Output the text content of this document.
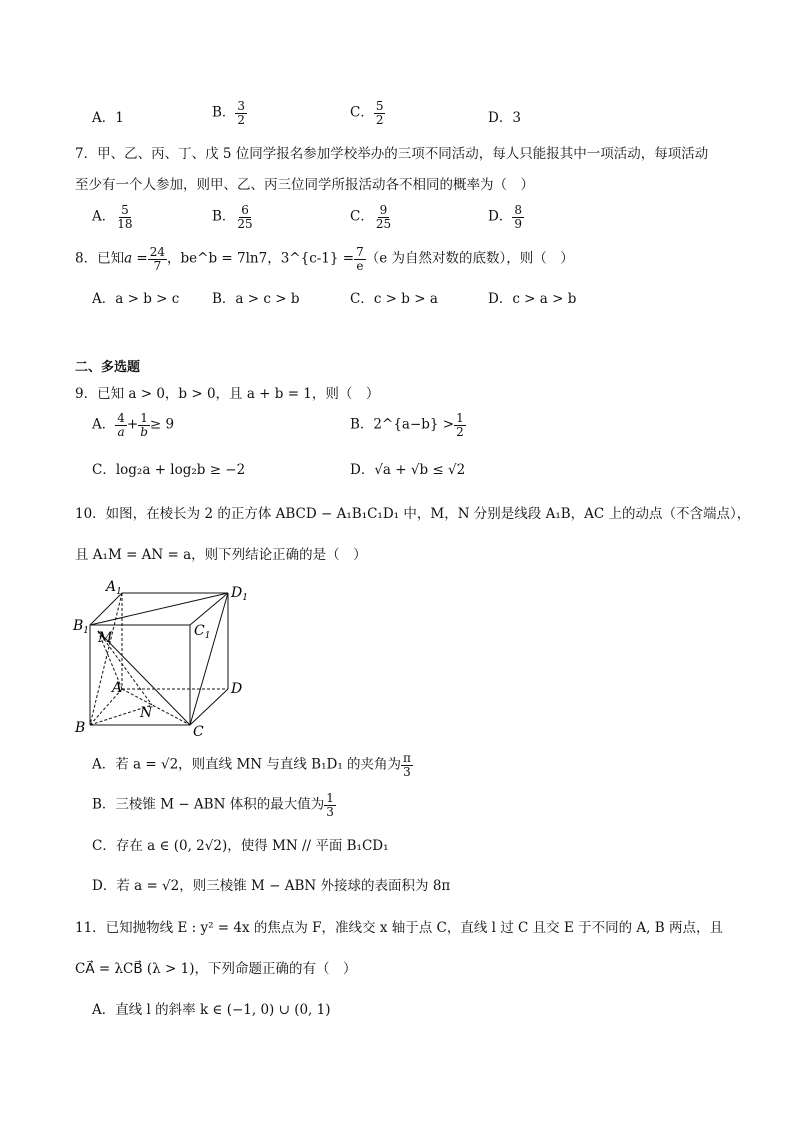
A．1	B． $\frac{3}{2}$	C． $\frac{5}{2}$	D．3
7．甲、乙、丙、丁、戊 5 位同学报名参加学校举办的三项不同活动，每人只能报其中一项活动，每项活动
至少有一个人参加，则甲、乙、丙三位同学所报活动各不相同的概率为（　）
A． $\frac{5}{18}$	B． $\frac{6}{25}$	C． $\frac{9}{25}$	D． $\frac{8}{9}$
8．已知$a = \frac{24}{7}$ ，be^b = 7ln7，3^{c-1} = $\frac{7}{e} (e$ 为自然对数的底数），则（　）
A．a > b > c B．a > c > b	C．c > b > a	D．c > a > b
二、多选题
9．已知 a > 0，b > 0，且 a + b = 1，则（　）
A． $\frac{4}{a} + \frac{1}{b} \ge 9$	B．2^{a−b} > $\frac{1}{2}$
C．log₂a + log₂b ≥ −2	D．√a + √b ≤ √2
10．如图，在棱长为 2 的正方体 ABCD − A₁B₁C₁D₁ 中，M，N 分别是线段 A₁B，AC 上的动点（不含端点），
且 A₁M = AN = a，则下列结论正确的是（　）
$A_1$
$B_1$	$C_1$
$D_1$
M
A	D
B
N
C
A．若 a = √2，则直线 MN 与直线 B₁D₁ 的夹角为 $\frac{\pi}{3}$
B．三棱锥 M − ABN 体积的最大值为 $\frac{1}{3}$
C．存在 a ∈ (0, 2√2)，使得 MN // 平面 B₁CD₁
D．若 a = √2，则三棱锥 M − ABN 外接球的表面积为 8π
11．已知抛物线 E : y² = 4x 的焦点为 F，准线交 x 轴于点 C，直线 l 过 C 且交 E 于不同的 A, B 两点，且
CA⃗ = λCB⃗ (λ > 1)，下列命题正确的有（　）
A．直线 l 的斜率 k ∈ (−1, 0) ∪ (0, 1)
